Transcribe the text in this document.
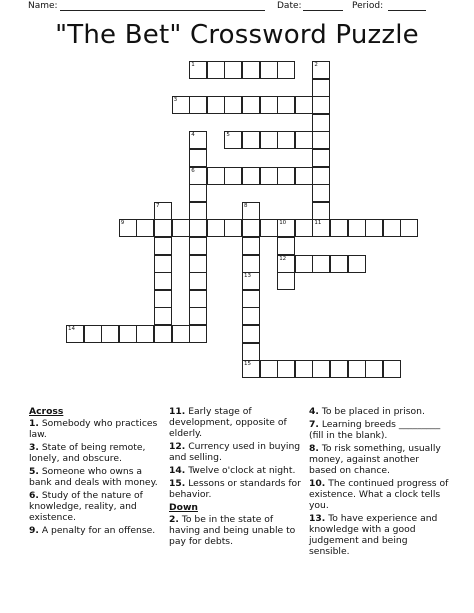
Name:	Date:	Period:
"The Bet" Crossword Puzzle
1	2
3
4	5
6
7	8
9	10	11
12
13
14
15
Across
1. Somebody who practices law.
3. State of being remote, lonely, and obscure.
5. Someone who owns a bank and deals with money.
6. Study of the nature of knowledge, reality, and existence.
9. A penalty for an offense.
11. Early stage of development, opposite of elderly.
12. Currency used in buying and selling.
14. Twelve o'clock at night.
15. Lessons or standards for behavior.
Down
2. To be in the state of having and being unable to pay for debts.
4. To be placed in prison.
7. Learning breeds _________ (fill in the blank).
8. To risk something, usually money, against another based on chance.
10. The continued progress of existence. What a clock tells you.
13. To have experience and knowledge with a good judgement and being sensible.
